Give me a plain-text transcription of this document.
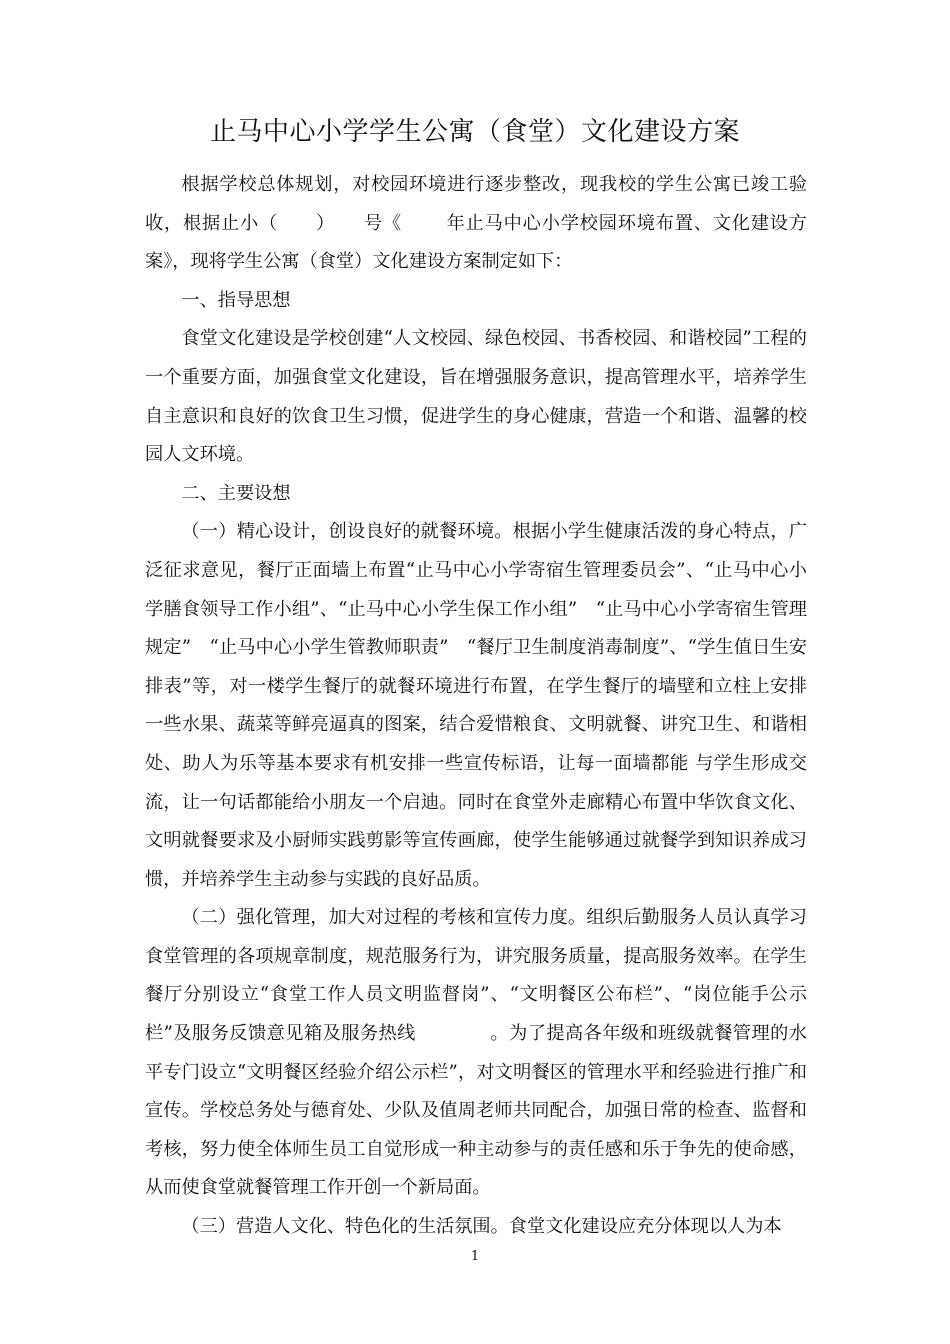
止马中心小学学生公寓（食堂）文化建设方案

根据学校总体规划，对校园环境进行逐步整改，现我校的学生公寓已竣工验收，根据止小（　　）　　号《　　 年止马中心小学校园环境布置、文化建设方案》，现将学生公寓（食堂）文化建设方案制定如下：

一、指导思想

食堂文化建设是学校创建“人文校园、绿色校园、书香校园、和谐校园”工程的一个重要方面，加强食堂文化建设，旨在增强服务意识，提高管理水平，培养学生自主意识和良好的饮食卫生习惯，促进学生的身心健康，营造一个和谐、温馨的校园人文环境。

二、主要设想

（一）精心设计，创设良好的就餐环境。根据小学生健康活泼的身心特点，广泛征求意见，餐厅正面墙上布置“止马中心小学寄宿生管理委员会”、“止马中心小学膳食领导工作小组”、“止马中心小学生保工作小组”　“止马中心小学寄宿生管理规定”　“止马中心小学生管教师职责”　“餐厅卫生制度消毒制度”、“学生值日生安排表”等，对一楼学生餐厅的就餐环境进行布置，在学生餐厅的墙壁和立柱上安排一些水果、蔬菜等鲜亮逼真的图案，结合爱惜粮食、文明就餐、讲究卫生、和谐相处、助人为乐等基本要求有机安排一些宣传标语，让每一面墙都能 与学生形成交流，让一句话都能给小朋友一个启迪。同时在食堂外走廊精心布置中华饮食文化、文明就餐要求及小厨师实践剪影等宣传画廊，使学生能够通过就餐学到知识养成习惯，并培养学生主动参与实践的良好品质。

（二）强化管理，加大对过程的考核和宣传力度。组织后勤服务人员认真学习食堂管理的各项规章制度，规范服务行为，讲究服务质量，提高服务效率。在学生餐厅分别设立“食堂工作人员文明监督岗”、“文明餐区公布栏”、“岗位能手公示栏”及服务反馈意见箱及服务热线　　　　。为了提高各年级和班级就餐管理的水平专门设立“文明餐区经验介绍公示栏”，对文明餐区的管理水平和经验进行推广和宣传。学校总务处与德育处、少队及值周老师共同配合，加强日常的检查、监督和考核，努力使全体师生员工自觉形成一种主动参与的责任感和乐于争先的使命感，从而使食堂就餐管理工作开创一个新局面。

（三）营造人文化、特色化的生活氛围。食堂文化建设应充分体现以人为本

1
